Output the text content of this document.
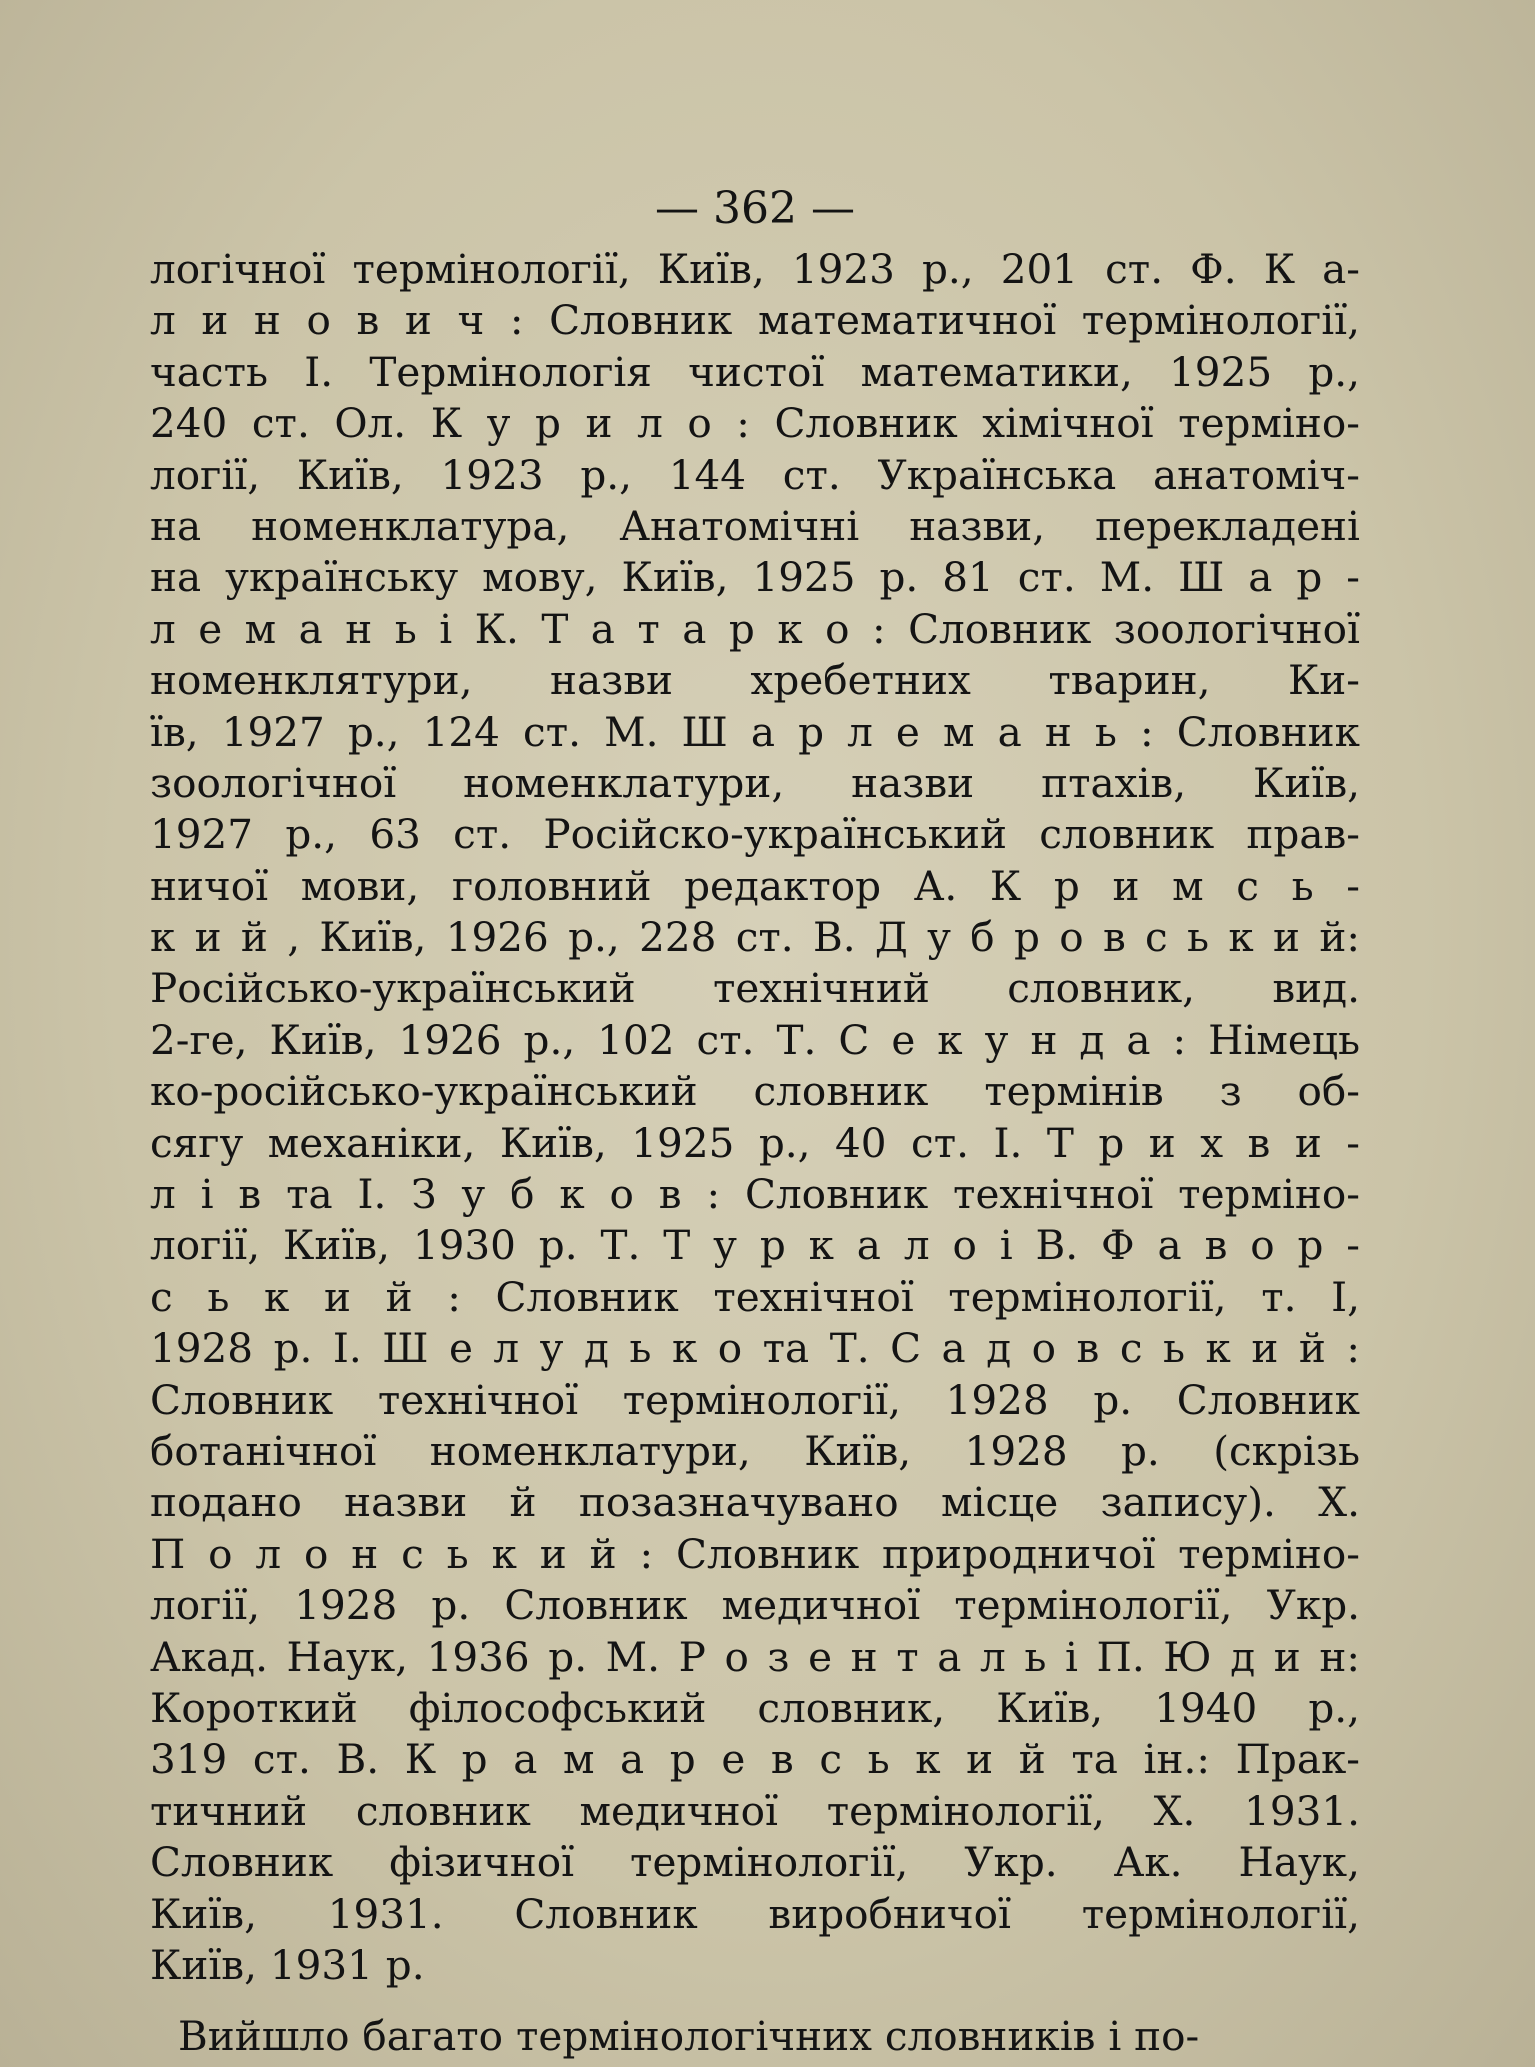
— 362 —
логічної термінології, Київ, 1923 р., 201 ст. Ф. К а-
л и н о в и ч : Словник математичної термінології,
часть І. Термінологія чистої математики, 1925 р.,
240 ст. Ол. К у р и л о : Словник хімічної терміно-
логії, Київ, 1923 р., 144 ст. Українська анатоміч-
на номенклатура, Анатомічні назви, перекладені
на українську мову, Київ, 1925 р. 81 ст. М. Ш а р -
л е м а н ь і К. Т а т а р к о : Словник зоологічної
номенклятури, назви хребетних тварин, Ки-
їв, 1927 р., 124 ст. М. Ш а р л е м а н ь : Словник
зоологічної номенклатури, назви птахів, Київ,
1927 р., 63 ст. Російско-український словник прав-
ничої мови, головний редактор А. К р и м с ь -
к и й , Київ, 1926 р., 228 ст. В. Д у б р о в с ь к и й:
Російсько-український технічний словник, вид.
2-ге, Київ, 1926 р., 102 ст. Т. С е к у н д а : Німець
ко-російсько-український словник термінів з об-
сягу механіки, Київ, 1925 р., 40 ст. І. Т р и х в и -
л і в та І. З у б к о в : Словник технічної терміно-
логії, Київ, 1930 р. Т. Т у р к а л о і В. Ф а в о р -
с ь к и й : Словник технічної термінології, т. І,
1928 р. І. Ш е л у д ь к о та Т. С а д о в с ь к и й :
Словник технічної термінології, 1928 р. Словник
ботанічної номенклатури, Київ, 1928 р. (скрізь
подано назви й позазначувано місце запису). Х.
П о л о н с ь к и й : Словник природничої терміно-
логії, 1928 р. Словник медичної термінології, Укр.
Акад. Наук, 1936 р. М. Р о з е н т а л ь і П. Ю д и н:
Короткий філософський словник, Київ, 1940 р.,
319 ст. В. К р а м а р е в с ь к и й та ін.: Прак-
тичний словник медичної термінології, Х. 1931.
Словник фізичної термінології, Укр. Ак. Наук,
Київ, 1931. Словник виробничої термінології,
Київ, 1931 р.
Вийшло багато термінологічних словників і по-
